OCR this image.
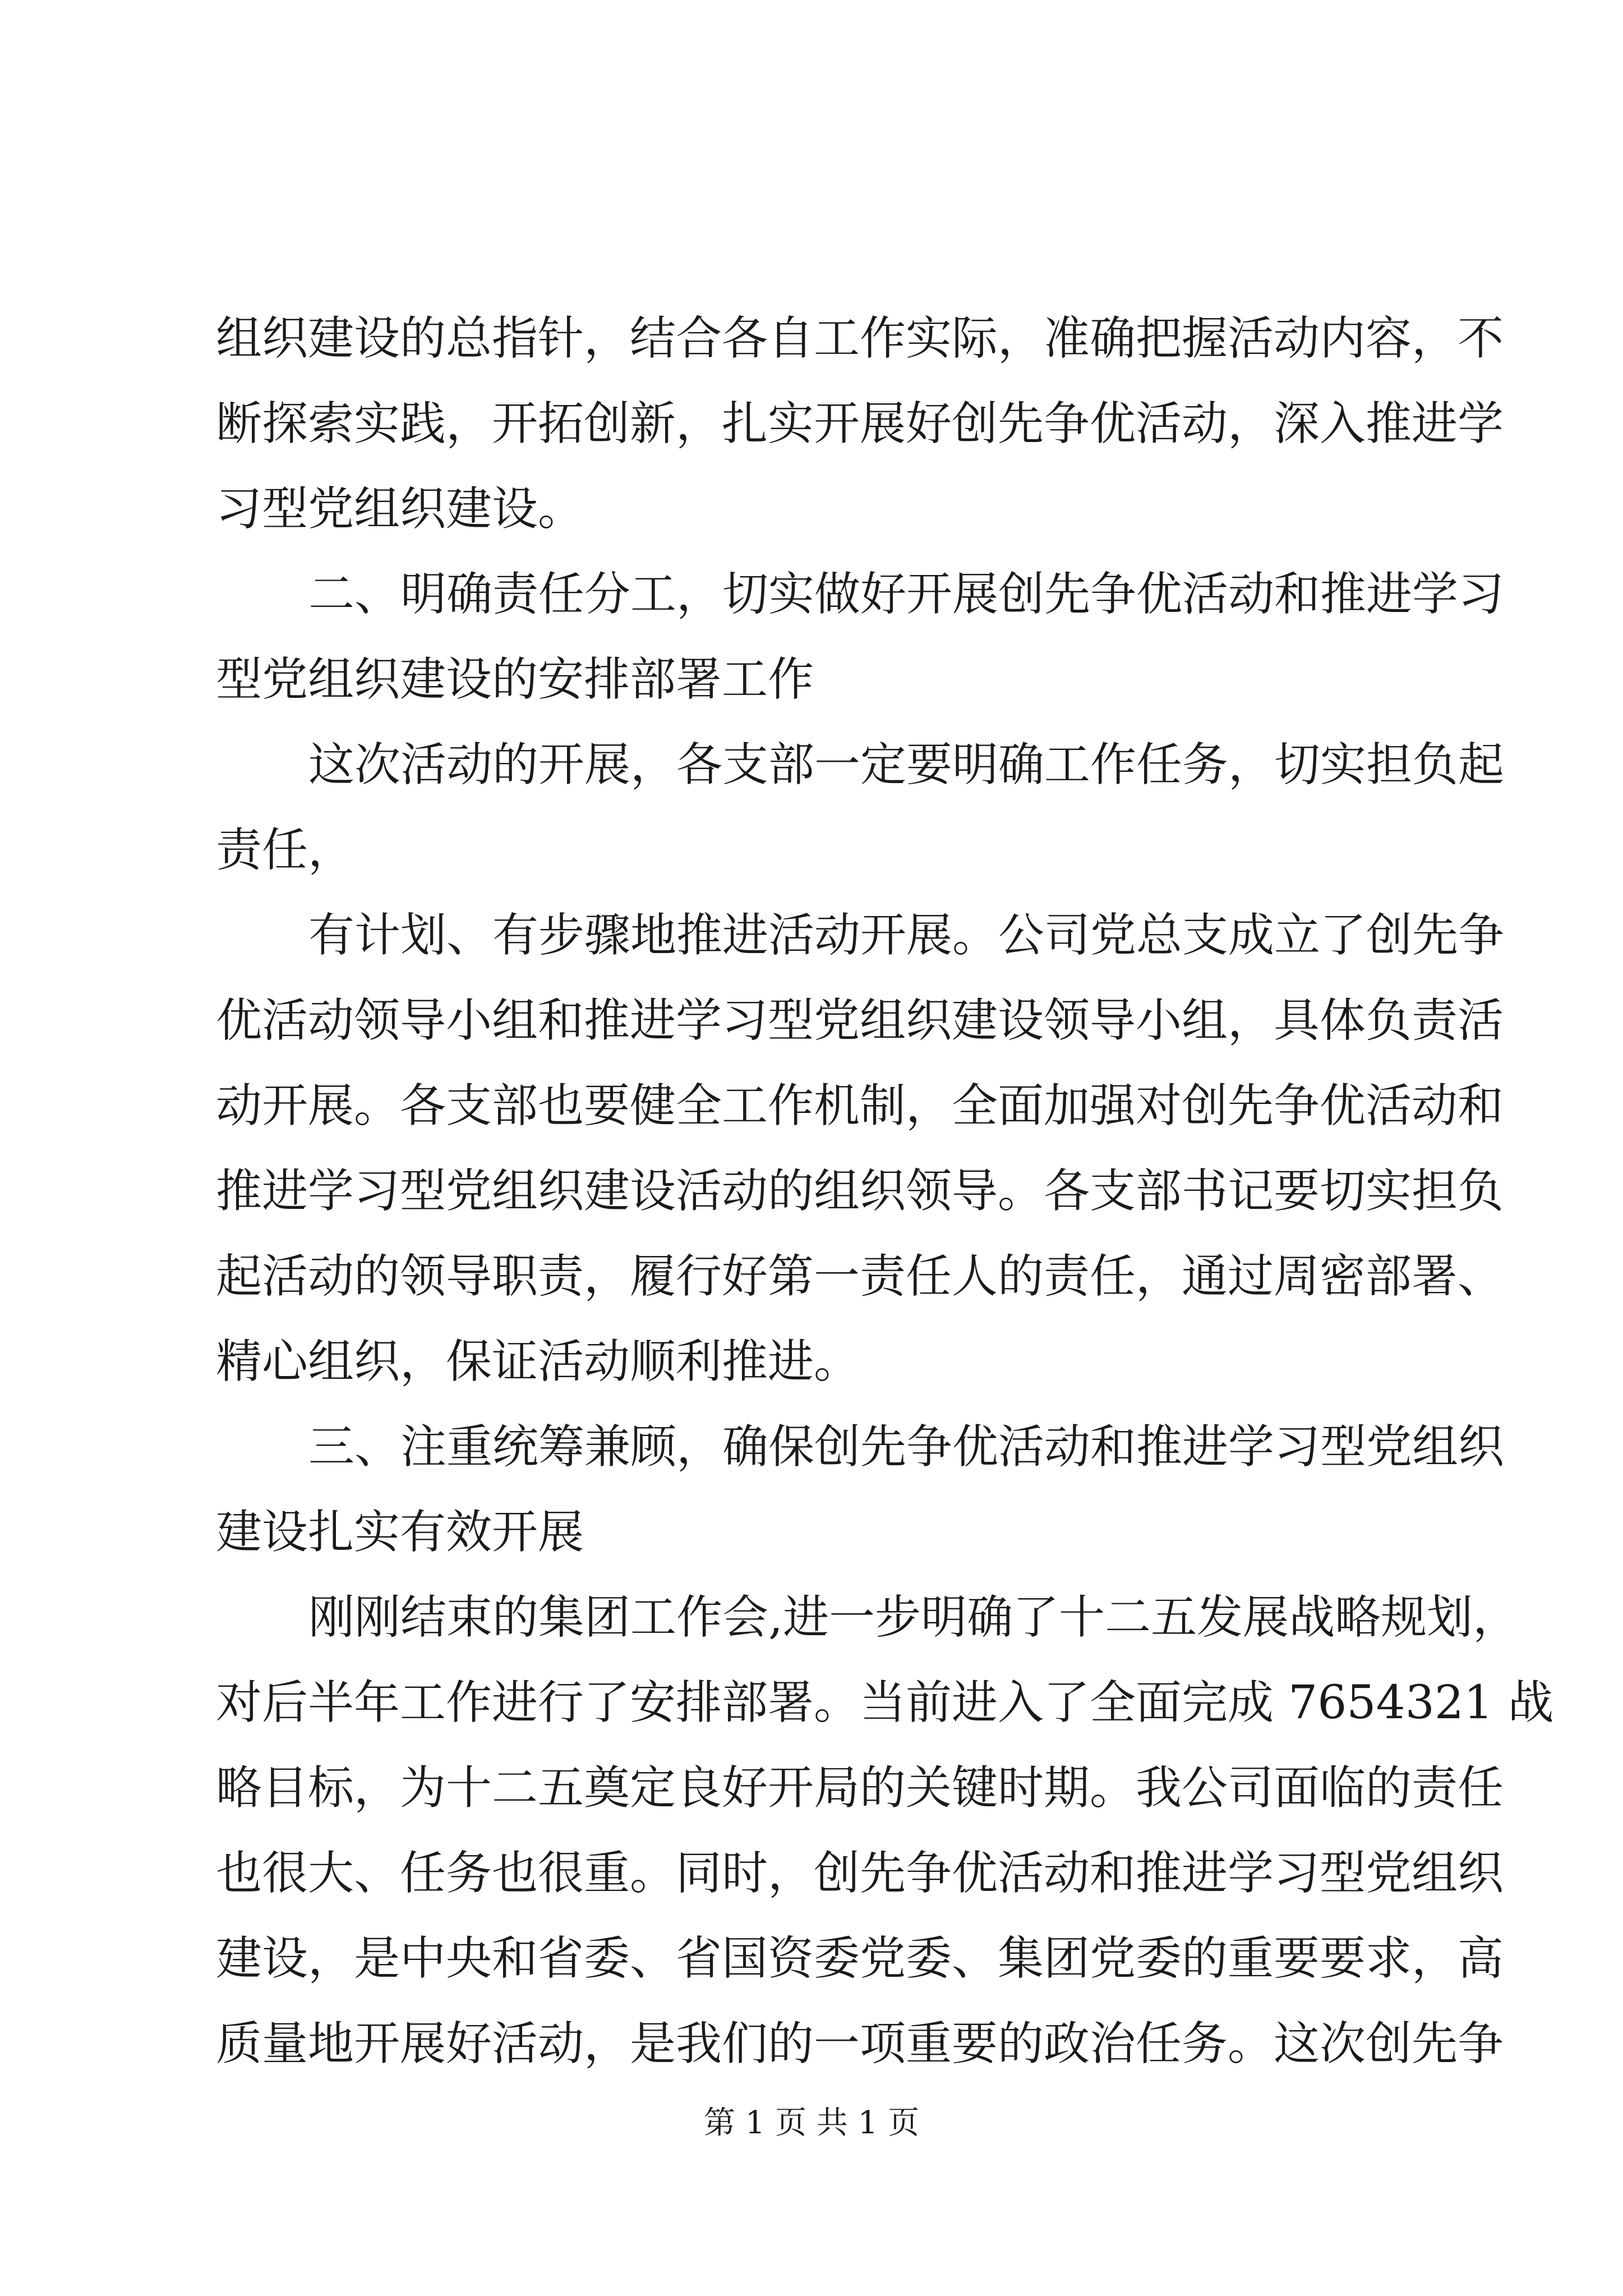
组织建设的总指针，结合各自工作实际，准确把握活动内容，不
断探索实践，开拓创新，扎实开展好创先争优活动，深入推进学
习型党组织建设。
二、明确责任分工，切实做好开展创先争优活动和推进学习
型党组织建设的安排部署工作
这次活动的开展，各支部一定要明确工作任务，切实担负起
责任，
有计划、有步骤地推进活动开展。公司党总支成立了创先争
优活动领导小组和推进学习型党组织建设领导小组，具体负责活
动开展。各支部也要健全工作机制，全面加强对创先争优活动和
推进学习型党组织建设活动的组织领导。各支部书记要切实担负
起活动的领导职责，履行好第一责任人的责任，通过周密部署、
精心组织，保证活动顺利推进。
三、注重统筹兼顾，确保创先争优活动和推进学习型党组织
建设扎实有效开展
刚刚结束的集团工作会,进一步明确了十二五发展战略规划，
对后半年工作进行了安排部署。当前进入了全面完成 7654321 战
略目标，为十二五奠定良好开局的关键时期。我公司面临的责任
也很大、任务也很重。同时，创先争优活动和推进学习型党组织
建设，是中央和省委、省国资委党委、集团党委的重要要求，高
质量地开展好活动，是我们的一项重要的政治任务。这次创先争
第 1 页 共 1 页
